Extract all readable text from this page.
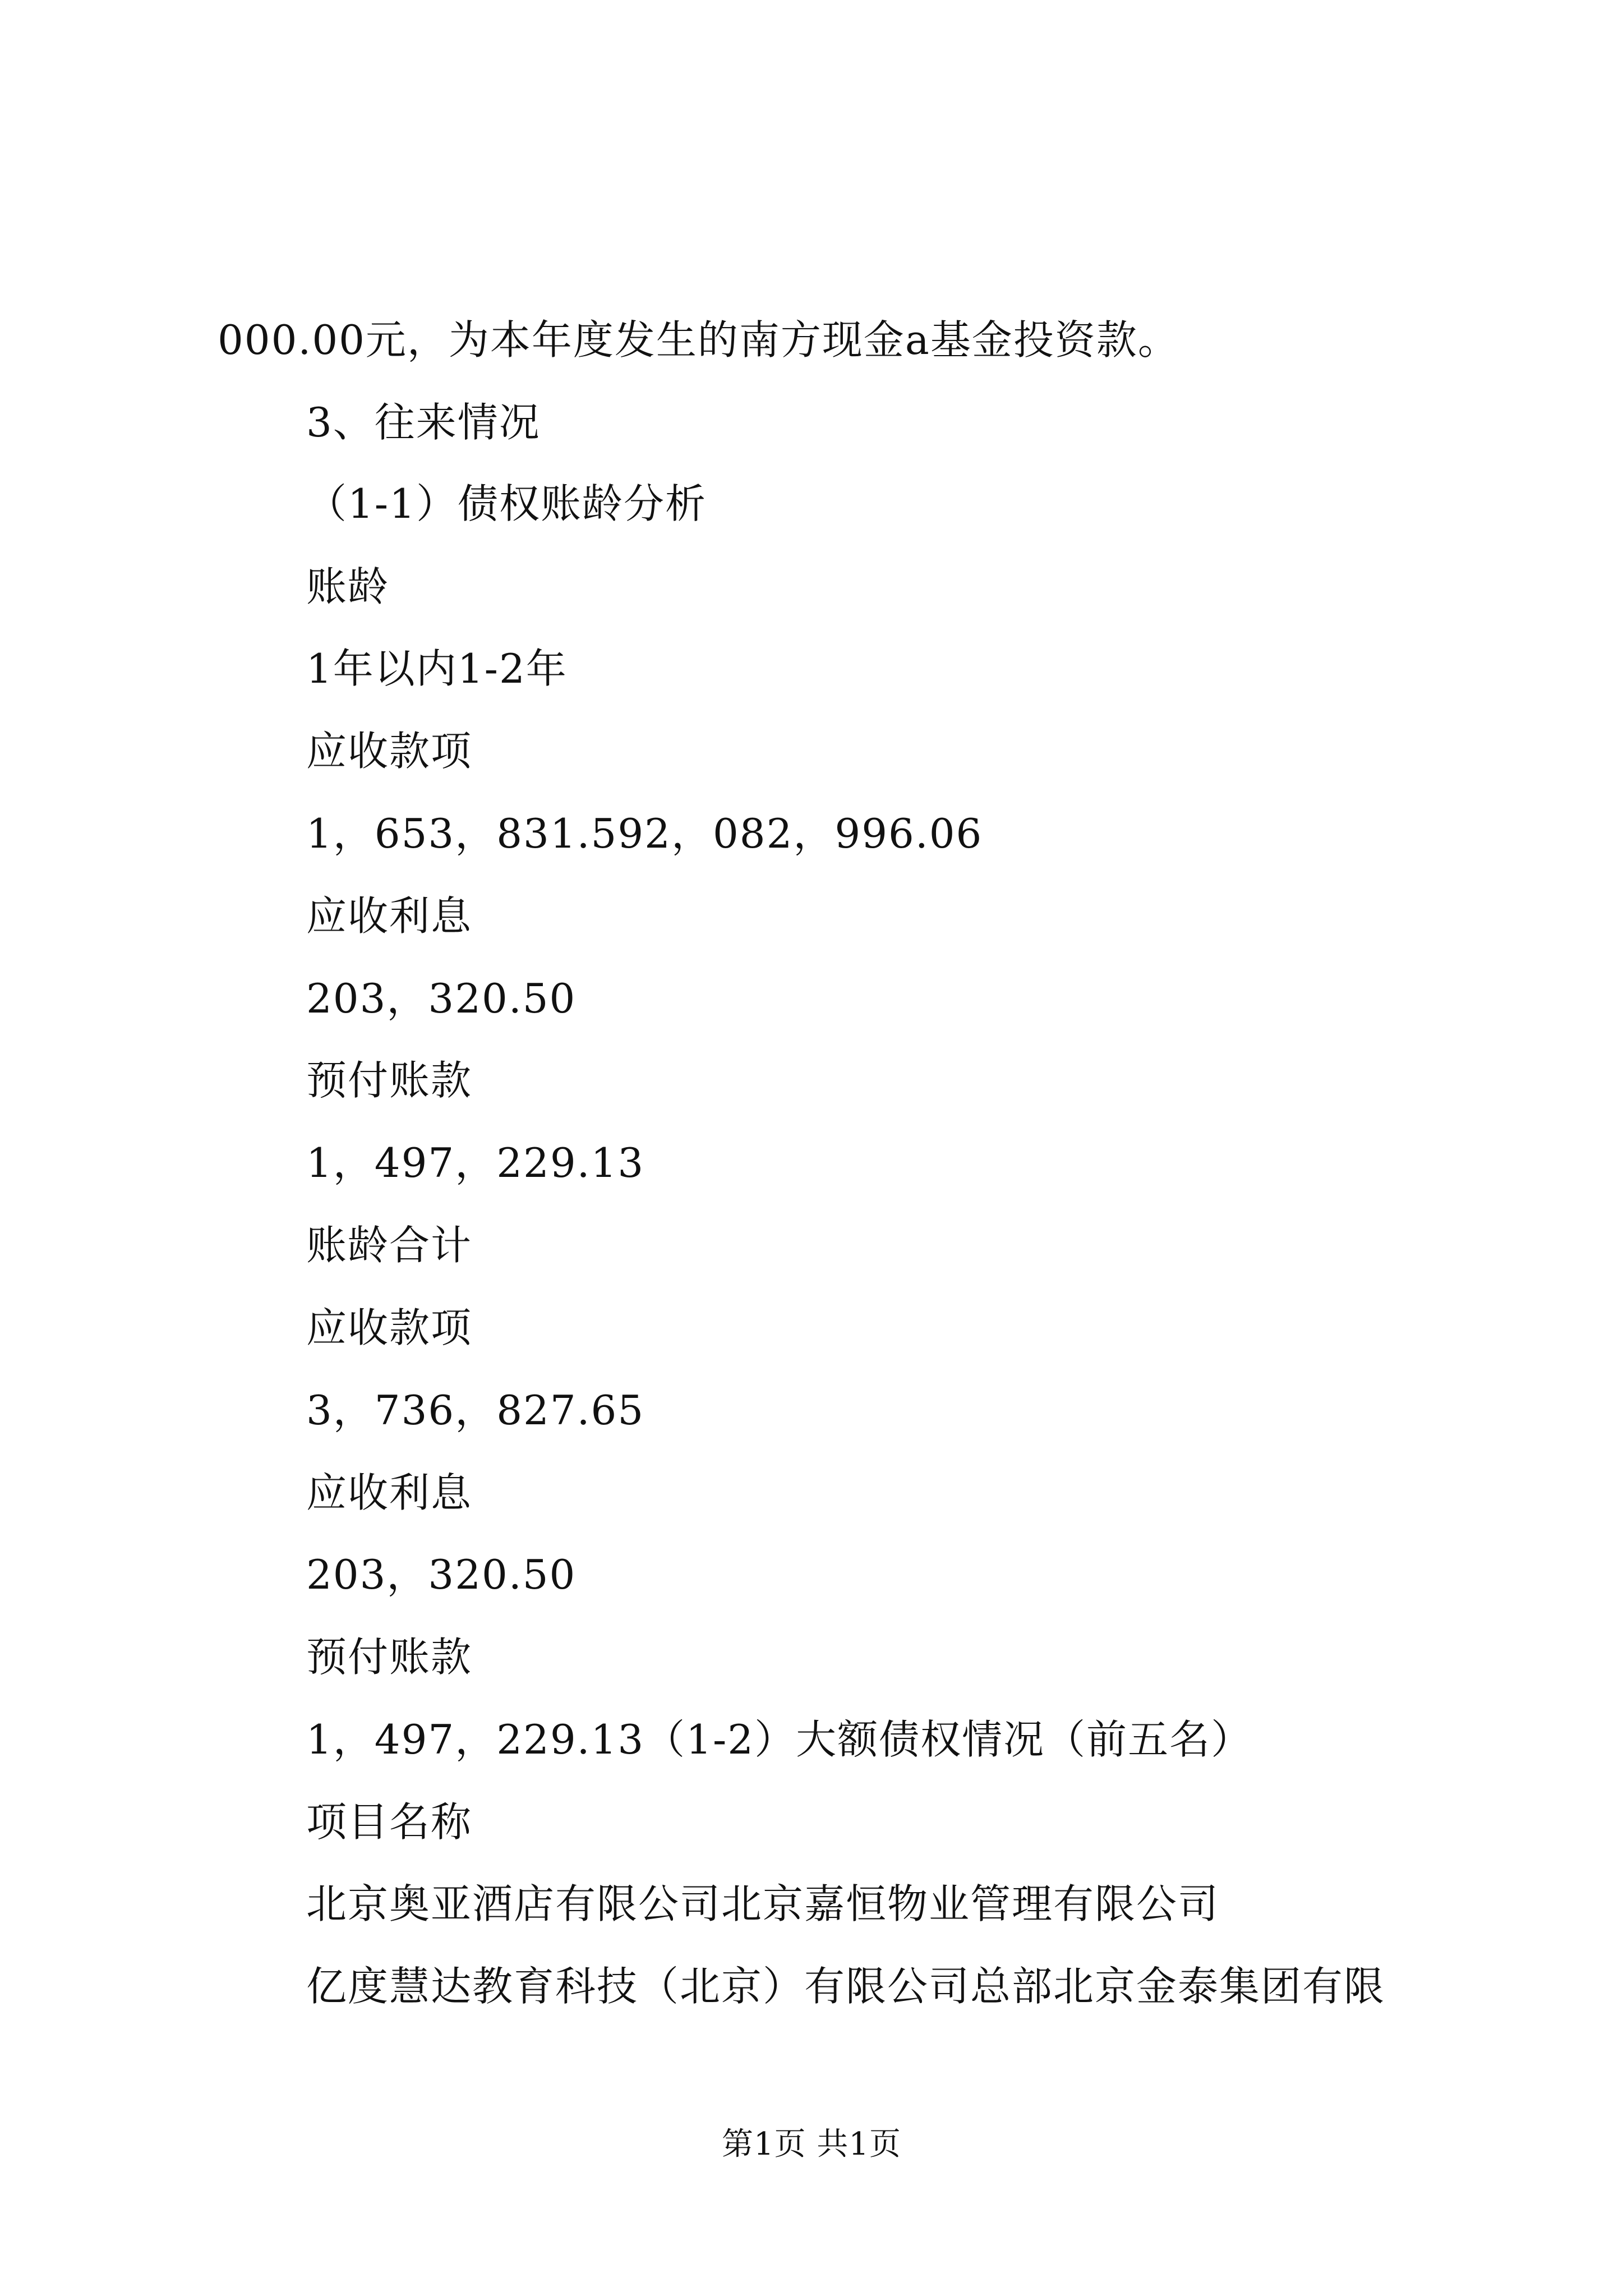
000.00元，为本年度发生的南方现金a基金投资款。
3、往来情况
（1-1）债权账龄分析
账龄
1年以内1-2年
应收款项
1，653，831.592，082，996.06
应收利息
203，320.50
预付账款
1，497，229.13
账龄合计
应收款项
3，736，827.65
应收利息
203，320.50
预付账款
1，497，229.13（1-2）大额债权情况（前五名）
项目名称
北京奥亚酒店有限公司北京嘉恒物业管理有限公司
亿度慧达教育科技（北京）有限公司总部北京金泰集团有限
第1页 共1页
